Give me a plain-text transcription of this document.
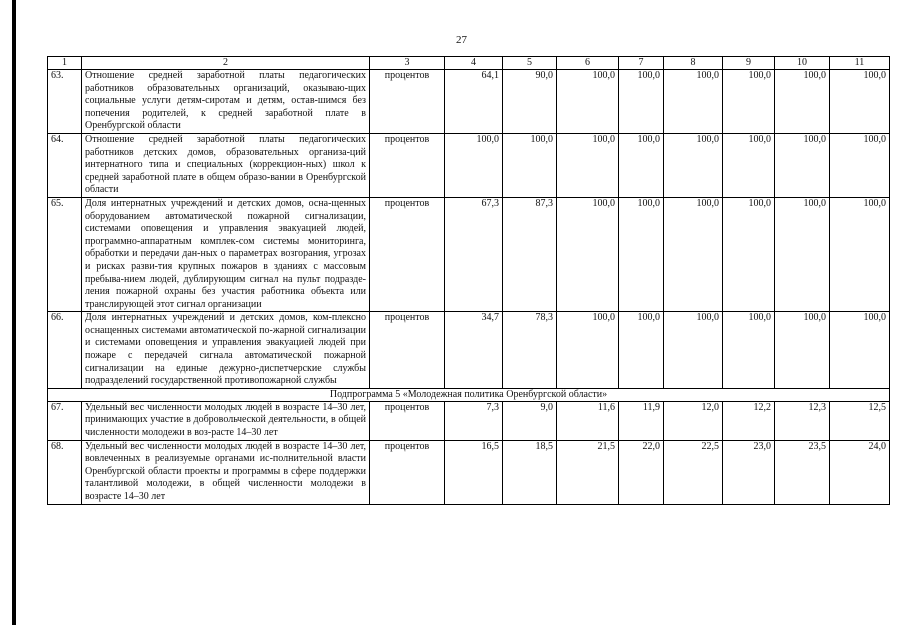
27
1	2	3	4	5	6	7	8	9	10	11
63.	Отношение средней заработной платы педагогических работников образовательных организаций, оказываю-щих социальные услуги детям-сиротам и детям, остав-шимся без попечения родителей, к средней заработной плате в Оренбургской области	процентов	64,1	90,0	100,0	100,0	100,0	100,0	100,0	100,0
64.	Отношение средней заработной платы педагогических работников детских домов, образовательных организа-ций интернатного типа и специальных (коррекцион-ных) школ к средней заработной плате в общем образо-вании в Оренбургской области	процентов	100,0	100,0	100,0	100,0	100,0	100,0	100,0	100,0
65.	Доля интернатных учреждений и детских домов, осна-щенных оборудованием автоматической пожарной сигнализации, системами оповещения и управления эвакуацией людей, программно-аппаратным комплек-сом системы мониторинга, обработки и передачи дан-ных о параметрах возгорания, угрозах и рисках разви-тия крупных пожаров в зданиях с массовым пребыва-нием людей, дублирующим сигнал на пульт подразде-ления пожарной охраны без участия работника объекта или транслирующей этот сигнал организации	процентов	67,3	87,3	100,0	100,0	100,0	100,0	100,0	100,0
66.	Доля интернатных учреждений и детских домов, ком-плексно оснащенных системами автоматической по-жарной сигнализации и системами оповещения и управления эвакуацией людей при пожаре с передачей сигнала автоматической пожарной сигнализации на единые дежурно-диспетчерские службы подразделений государственной противопожарной службы	процентов	34,7	78,3	100,0	100,0	100,0	100,0	100,0	100,0
Подпрограмма 5 «Молодежная политика Оренбургской области»										
67.	Удельный вес численности молодых людей в возрасте 14–30 лет, принимающих участие в добровольческой деятельности, в общей численности молодежи в воз-расте 14–30 лет	процентов	7,3	9,0	11,6	11,9	12,0	12,2	12,3	12,5
68.	Удельный вес численности молодых людей в возрасте 14–30 лет, вовлеченных в реализуемые органами ис-полнительной власти Оренбургской области проекты и программы в сфере поддержки талантливой молодежи, в общей численности молодежи в возрасте 14–30 лет	процентов	16,5	18,5	21,5	22,0	22,5	23,0	23,5	24,0
